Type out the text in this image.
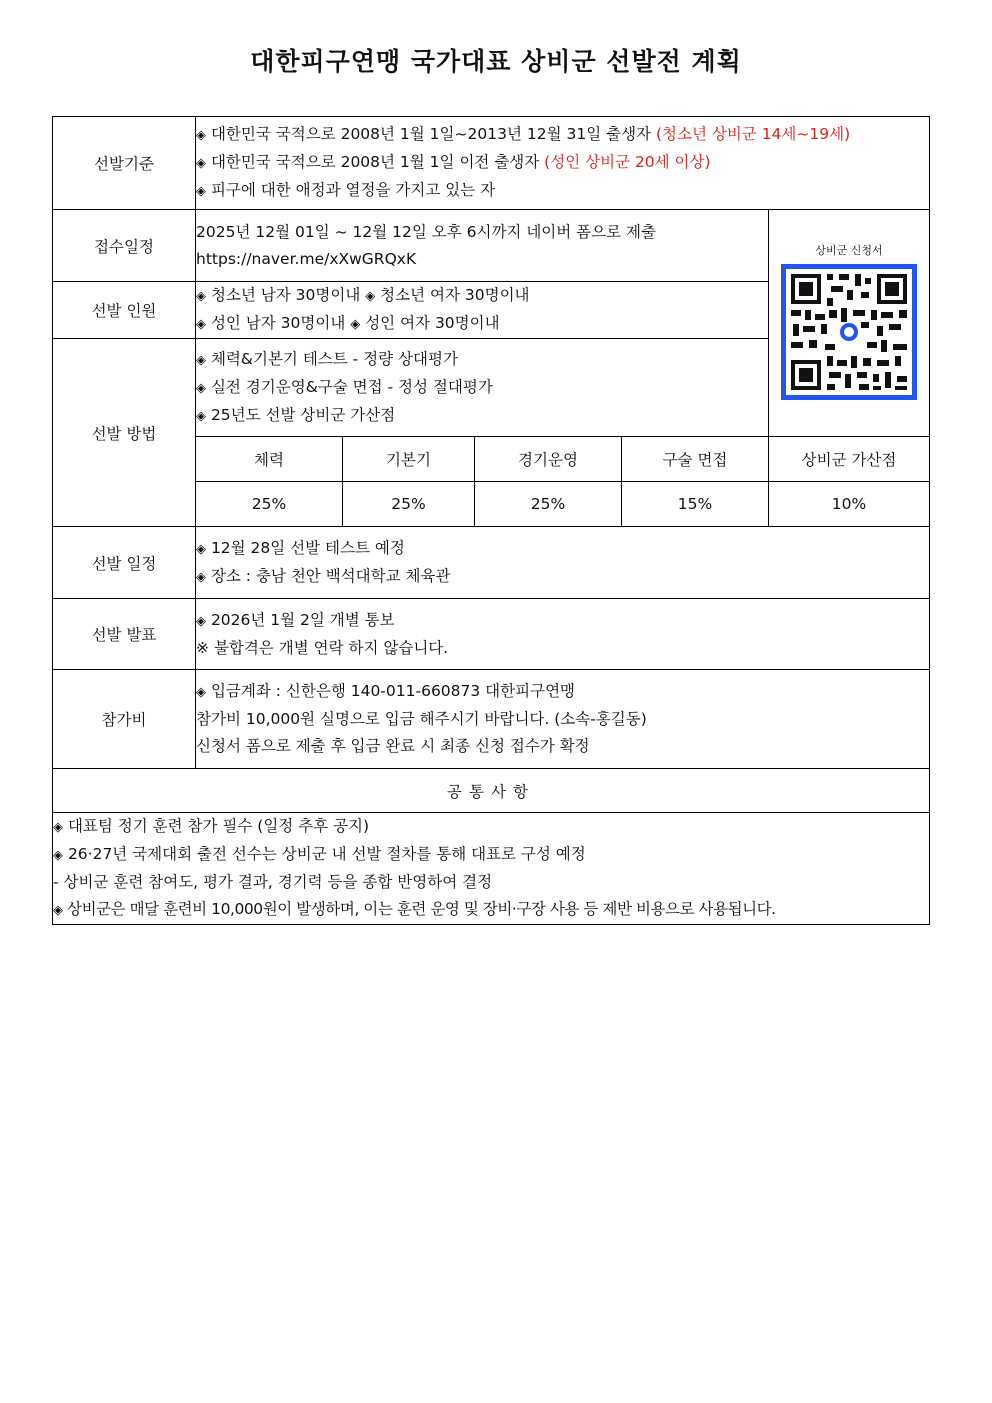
대한피구연맹 국가대표 상비군 선발전 계획
선발기준	◈ 대한민국 국적으로 2008년 1월 1일~2013년 12월 31일 출생자 (청소년 상비군 14세~19세)
◈ 대한민국 국적으로 2008년 1월 1일 이전 출생자 (성인 상비군 20세 이상)
◈ 피구에 대한 애정과 열정을 가지고 있는 자				

접수일정	2025년 12월 01일 ~ 12월 12일 오후 6시까지 네이버 폼으로 제출
https://naver.me/xXwGRQxK				상비군 신청서

선발 인원	◈ 청소년 남자 30명이내 ◈ 청소년 여자 30명이내
◈ 성인 남자 30명이내 ◈ 성인 여자 30명이내				

선발 방법	◈ 체력&기본기 테스트 - 정량 상대평가
◈ 실전 경기운영&구술 면접 - 정성 절대평가
◈ 25년도 선발 상비군 가산점				

	체력	기본기	경기운영	구술 면접	상비군 가산점
	25%	25%	25%	15%	10%
선발 일정	◈ 12월 28일 선발 테스트 예정
◈ 장소 : 충남 천안 백석대학교 체육관				

선발 발표	◈ 2026년 1월 2일 개별 통보
※ 불합격은 개별 연락 하지 않습니다.				

참가비	◈ 입금계좌 : 신한은행 140-011-660873 대한피구연맹
참가비 10,000원 실명으로 입금 해주시기 바랍니다. (소속-홍길동)
신청서 폼으로 제출 후 입금 완료 시 최종 신청 접수가 확정				

공통사항					

◈ 대표팀 정기 훈련 참가 필수 (일정 추후 공지)
◈ 26·27년 국제대회 출전 선수는 상비군 내 선발 절차를 통해 대표로 구성 예정
- 상비군 훈련 참여도, 평가 결과, 경기력 등을 종합 반영하여 결정
◈ 상비군은 매달 훈련비 10,000원이 발생하며, 이는 훈련 운영 및 장비·구장 사용 등 제반 비용으로 사용됩니다.					
